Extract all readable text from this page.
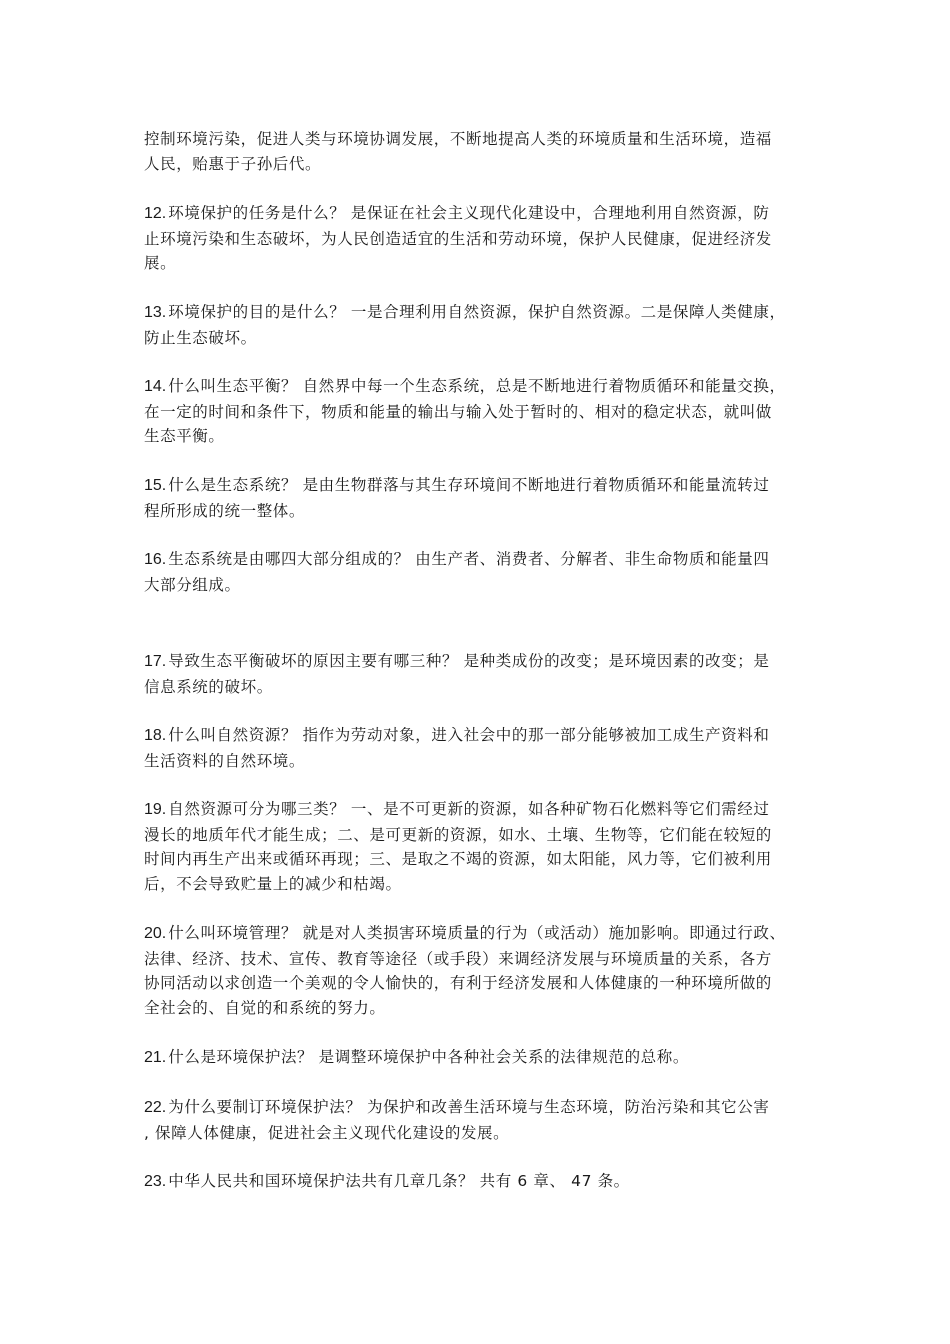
控制环境污染，促进人类与环境协调发展，不断地提高人类的环境质量和生活环境，造福
人民，贻惠于子孙后代。

12. 环境保护的任务是什么？ 是保证在社会主义现代化建设中，合理地利用自然资源，防
止环境污染和生态破坏，为人民创造适宜的生活和劳动环境，保护人民健康，促进经济发
展。

13. 环境保护的目的是什么？ 一是合理利用自然资源，保护自然资源。二是保障人类健康，
防止生态破坏。

14. 什么叫生态平衡？ 自然界中每一个生态系统，总是不断地进行着物质循环和能量交换，
在一定的时间和条件下，物质和能量的输出与输入处于暂时的、相对的稳定状态，就叫做
生态平衡。

15. 什么是生态系统？ 是由生物群落与其生存环境间不断地进行着物质循环和能量流转过
程所形成的统一整体。

16. 生态系统是由哪四大部分组成的？ 由生产者、消费者、分解者、非生命物质和能量四
大部分组成。

17. 导致生态平衡破坏的原因主要有哪三种？ 是种类成份的改变；是环境因素的改变；是
信息系统的破坏。

18. 什么叫自然资源？ 指作为劳动对象，进入社会中的那一部分能够被加工成生产资料和
生活资料的自然环境。

19. 自然资源可分为哪三类？ 一、是不可更新的资源，如各种矿物石化燃料等它们需经过
漫长的地质年代才能生成；二、是可更新的资源，如水、土壤、生物等，它们能在较短的
时间内再生产出来或循环再现；三、是取之不竭的资源，如太阳能，风力等，它们被利用
后，不会导致贮量上的减少和枯竭。

20. 什么叫环境管理？ 就是对人类损害环境质量的行为（或活动）施加影响。即通过行政、
法律、经济、技术、宣传、教育等途径（或手段）来调经济发展与环境质量的关系，各方
协同活动以求创造一个美观的令人愉快的，有利于经济发展和人体健康的一种环境所做的
全社会的、自觉的和系统的努力。

21. 什么是环境保护法？ 是调整环境保护中各种社会关系的法律规范的总称。

22. 为什么要制订环境保护法？ 为保护和改善生活环境与生态环境，防治污染和其它公害
, 保障人体健康，促进社会主义现代化建设的发展。

23. 中华人民共和国环境保护法共有几章几条？ 共有 6 章、 47 条。
